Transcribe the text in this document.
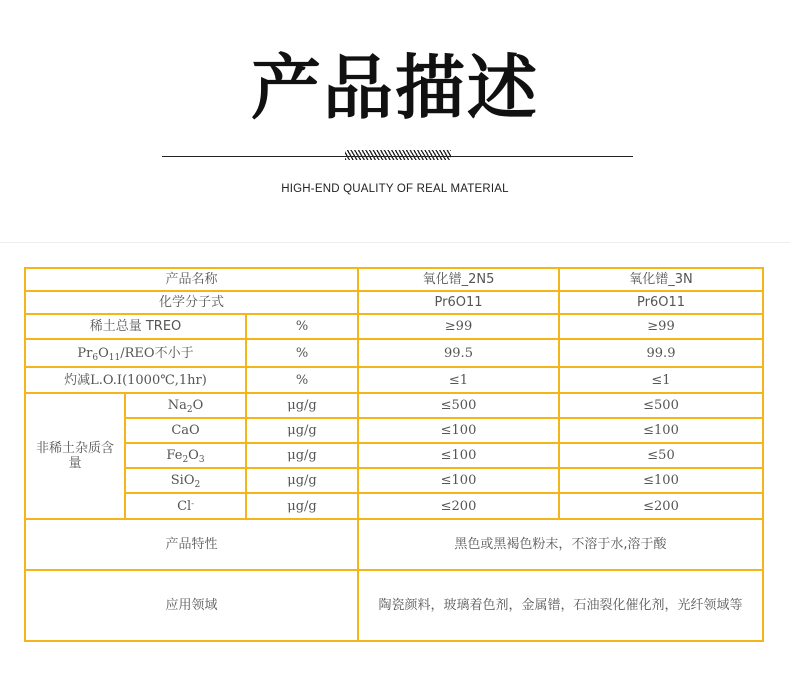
产品描述
HIGH-END QUALITY OF REAL MATERIAL
产品名称			氧化镨_2N5	氧化镨_3N
化学分子式			Pr6O11	Pr6O11
稀土总量 TREO		%	≥99	≥99
$Pr_6O_{11}$/REO不小于		%	99.5	99.9
灼减L.O.I(1000℃,1hr)		%	≤1	≤1
非稀土杂质含量	$Na_2O$	μg/g	≤500	≤500
	CaO	μg/g	≤100	≤100
	$Fe_2O_3$	μg/g	≤100	≤50
	SiO$_2$	μg/g	≤100	≤100
	Cl-	μg/g	≤200	≤200
产品特性			黑色或黑褐色粉末，不溶于水,溶于酸	
应用领域			陶瓷颜料，玻璃着色剂，金属镨，石油裂化催化剂，光纤领域等	
